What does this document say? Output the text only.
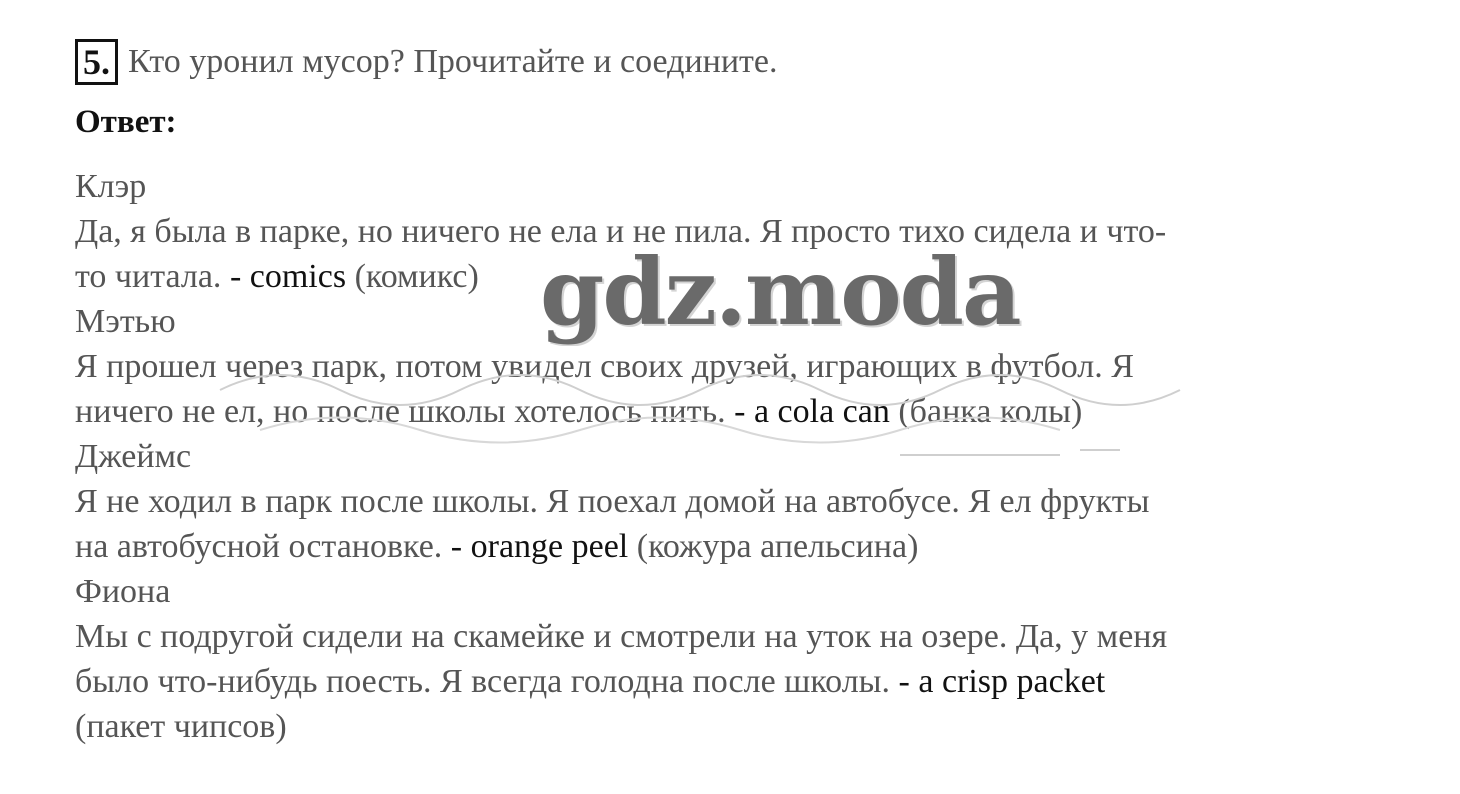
5. Кто уронил мусор? Прочитайте и соедините.
Ответ:
Клэр
Да, я была в парке, но ничего не ела и не пила. Я просто тихо сидела и что-
то читала. - comics (комикс)
Мэтью
Я прошел через парк, потом увидел своих друзей, играющих в футбол. Я
ничего не ел, но после школы хотелось пить. - a cola can (банка колы)
Джеймс
Я не ходил в парк после школы. Я поехал домой на автобусе. Я ел фрукты
на автобусной остановке. - orange peel (кожура апельсина)
Фиона
Мы с подругой сидели на скамейке и смотрели на уток на озере. Да, у меня
было что-нибудь поесть. Я всегда голодна после школы. - a crisp packet
(пакет чипсов)
gdz.moda
